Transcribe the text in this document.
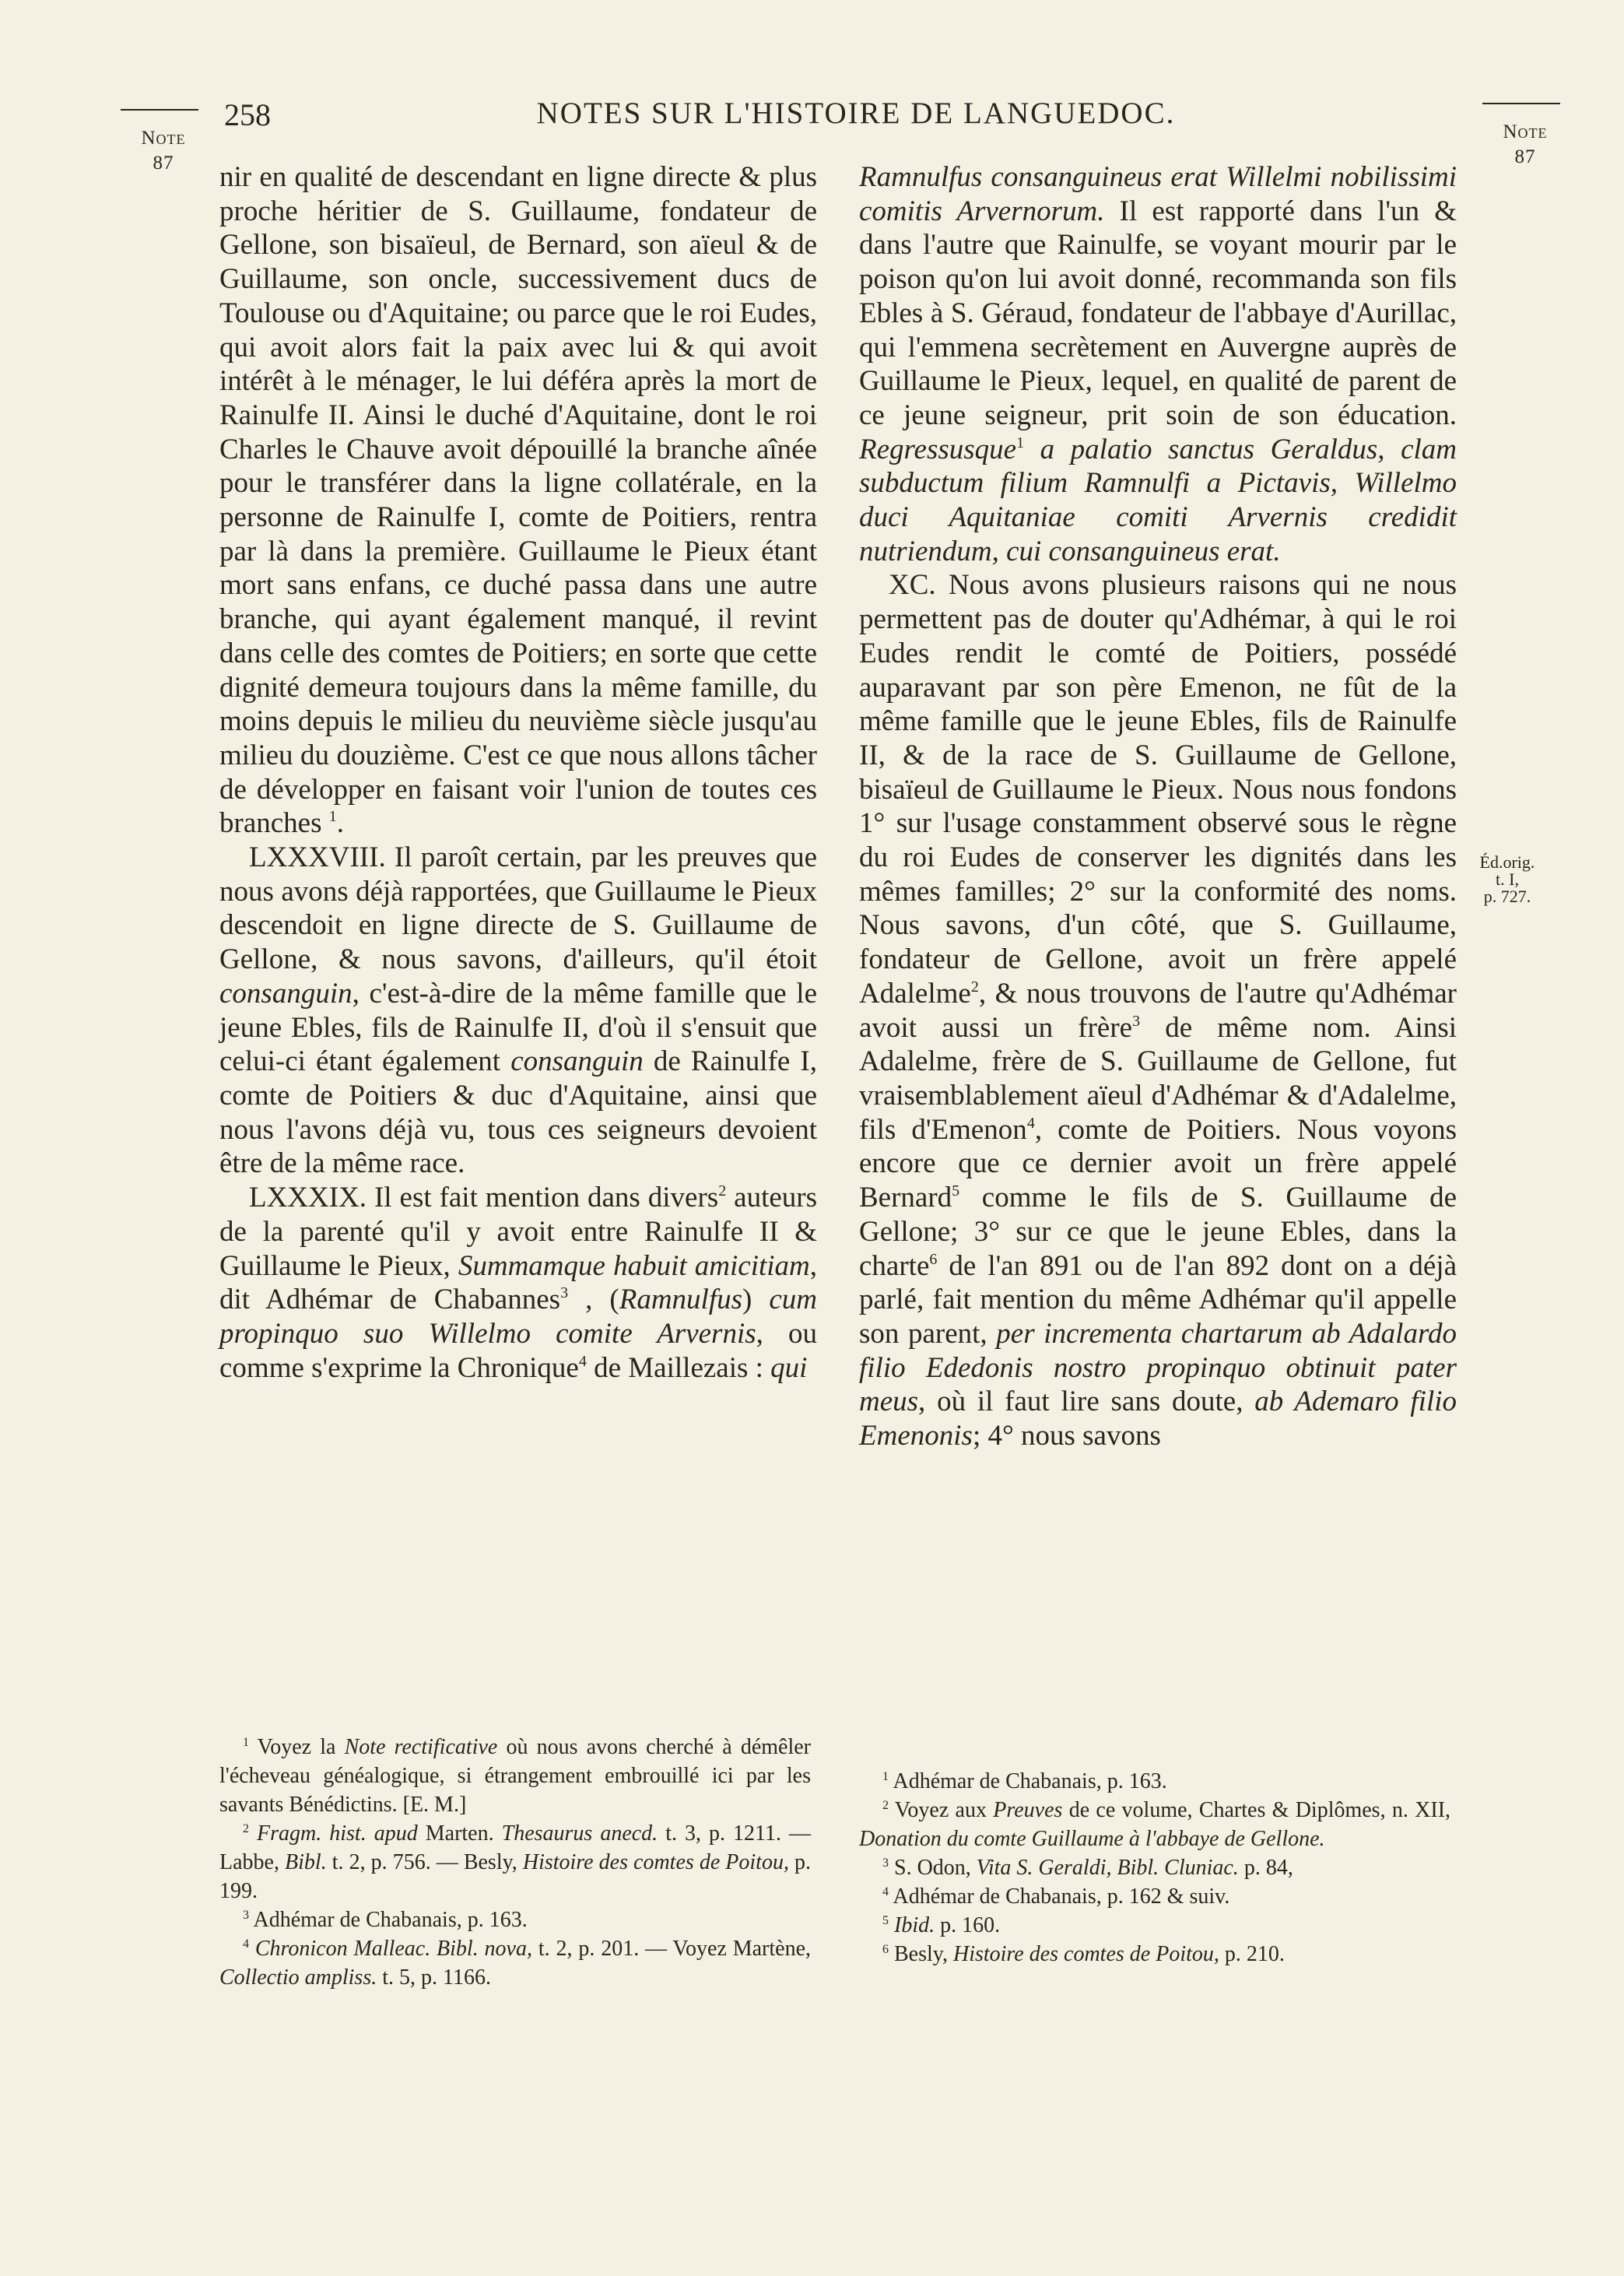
Note
87
258	NOTES SUR L'HISTOIRE DE LANGUEDOC.
Note
87
Éd.orig.
t. I,
p. 727.

nir en qualité de descendant en ligne directe & plus proche héritier de S. Guillaume, fondateur de Gellone, son bisaïeul, de Bernard, son aïeul & de Guillaume, son oncle, successivement ducs de Toulouse ou d'Aquitaine; ou parce que le roi Eudes, qui avoit alors fait la paix avec lui & qui avoit intérêt à le ménager, le lui déféra après la mort de Rainulfe II. Ainsi le duché d'Aquitaine, dont le roi Charles le Chauve avoit dépouillé la branche aînée pour le transférer dans la ligne collatérale, en la personne de Rainulfe I, comte de Poitiers, rentra par là dans la première. Guillaume le Pieux étant mort sans enfans, ce duché passa dans une autre branche, qui ayant également manqué, il revint dans celle des comtes de Poitiers; en sorte que cette dignité demeura toujours dans la même famille, du moins depuis le milieu du neuvième siècle jusqu'au milieu du douzième. C'est ce que nous allons tâcher de développer en faisant voir l'union de toutes ces branches $^1$.

LXXXVIII. Il paroît certain, par les preuves que nous avons déjà rapportées, que Guillaume le Pieux descendoit en ligne directe de S. Guillaume de Gellone, & nous savons, d'ailleurs, qu'il étoit consanguin, c'est-à-dire de la même famille que le jeune Ebles, fils de Rainulfe II, d'où il s'ensuit que celui-ci étant également consanguin de Rainulfe I, comte de Poitiers & duc d'Aquitaine, ainsi que nous l'avons déjà vu, tous ces seigneurs devoient être de la même race.

LXXXIX. Il est fait mention dans divers$^2$ auteurs de la parenté qu'il y avoit entre Rainulfe II & Guillaume le Pieux, Summamque habuit amicitiam, dit Adhémar de Chabannes$^3$ , (Ramnulfus) cum propinquo suo Willelmo comite Arvernis, ou comme s'exprime la Chronique$^4$ de Maillezais : qui

Ramnulfus consanguineus erat Willelmi nobilissimi comitis Arvernorum. Il est rapporté dans l'un & dans l'autre que Rainulfe, se voyant mourir par le poison qu'on lui avoit donné, recommanda son fils Ebles à S. Géraud, fondateur de l'abbaye d'Aurillac, qui l'emmena secrètement en Auvergne auprès de Guillaume le Pieux, lequel, en qualité de parent de ce jeune seigneur, prit soin de son éducation. Regressusque$^1$ a palatio sanctus Geraldus, clam subductum filium Ramnulfi a Pictavis, Willelmo duci Aquitaniae comiti Arvernis credidit nutriendum, cui consanguineus erat.

XC. Nous avons plusieurs raisons qui ne nous permettent pas de douter qu'Adhémar, à qui le roi Eudes rendit le comté de Poitiers, possédé auparavant par son père Emenon, ne fût de la même famille que le jeune Ebles, fils de Rainulfe II, & de la race de S. Guillaume de Gellone, bisaïeul de Guillaume le Pieux. Nous nous fondons 1° sur l'usage constamment observé sous le règne du roi Eudes de conserver les dignités dans les mêmes familles; 2° sur la conformité des noms. Nous savons, d'un côté, que S. Guillaume, fondateur de Gellone, avoit un frère appelé Adalelme$^2$, & nous trouvons de l'autre qu'Adhémar avoit aussi un frère$^3$ de même nom. Ainsi Adalelme, frère de S. Guillaume de Gellone, fut vraisemblablement aïeul d'Adhémar & d'Adalelme, fils d'Emenon$^4$, comte de Poitiers. Nous voyons encore que ce dernier avoit un frère appelé Bernard$^5$ comme le fils de S. Guillaume de Gellone; 3° sur ce que le jeune Ebles, dans la charte$^6$ de l'an 891 ou de l'an 892 dont on a déjà parlé, fait mention du même Adhémar qu'il appelle son parent, per incrementa chartarum ab Adalardo filio Ededonis nostro propinquo obtinuit pater meus, où il faut lire sans doute, ab Ademaro filio Emenonis; 4° nous savons

$^1$ Voyez la Note rectificative où nous avons cherché à démêler l'écheveau généalogique, si étrangement embrouillé ici par les savants Bénédictins. [E. M.]

$^2$ Fragm. hist. apud Marten. Thesaurus anecd. t. 3, p. 1211. — Labbe, Bibl. t. 2, p. 756. — Besly, Histoire des comtes de Poitou, p. 199.

$^3$ Adhémar de Chabanais, p. 163.

$^4$ Chronicon Malleac. Bibl. nova, t. 2, p. 201. — Voyez Martène, Collectio ampliss. t. 5, p. 1166.

$^1$ Adhémar de Chabanais, p. 163.

$^2$ Voyez aux Preuves de ce volume, Chartes & Diplômes, n. XII, Donation du comte Guillaume à l'abbaye de Gellone.

$^3$ S. Odon, Vita S. Geraldi, Bibl. Cluniac. p. 84,

$^4$ Adhémar de Chabanais, p. 162 & suiv.

$^5$ Ibid. p. 160.

$^6$ Besly, Histoire des comtes de Poitou, p. 210.
